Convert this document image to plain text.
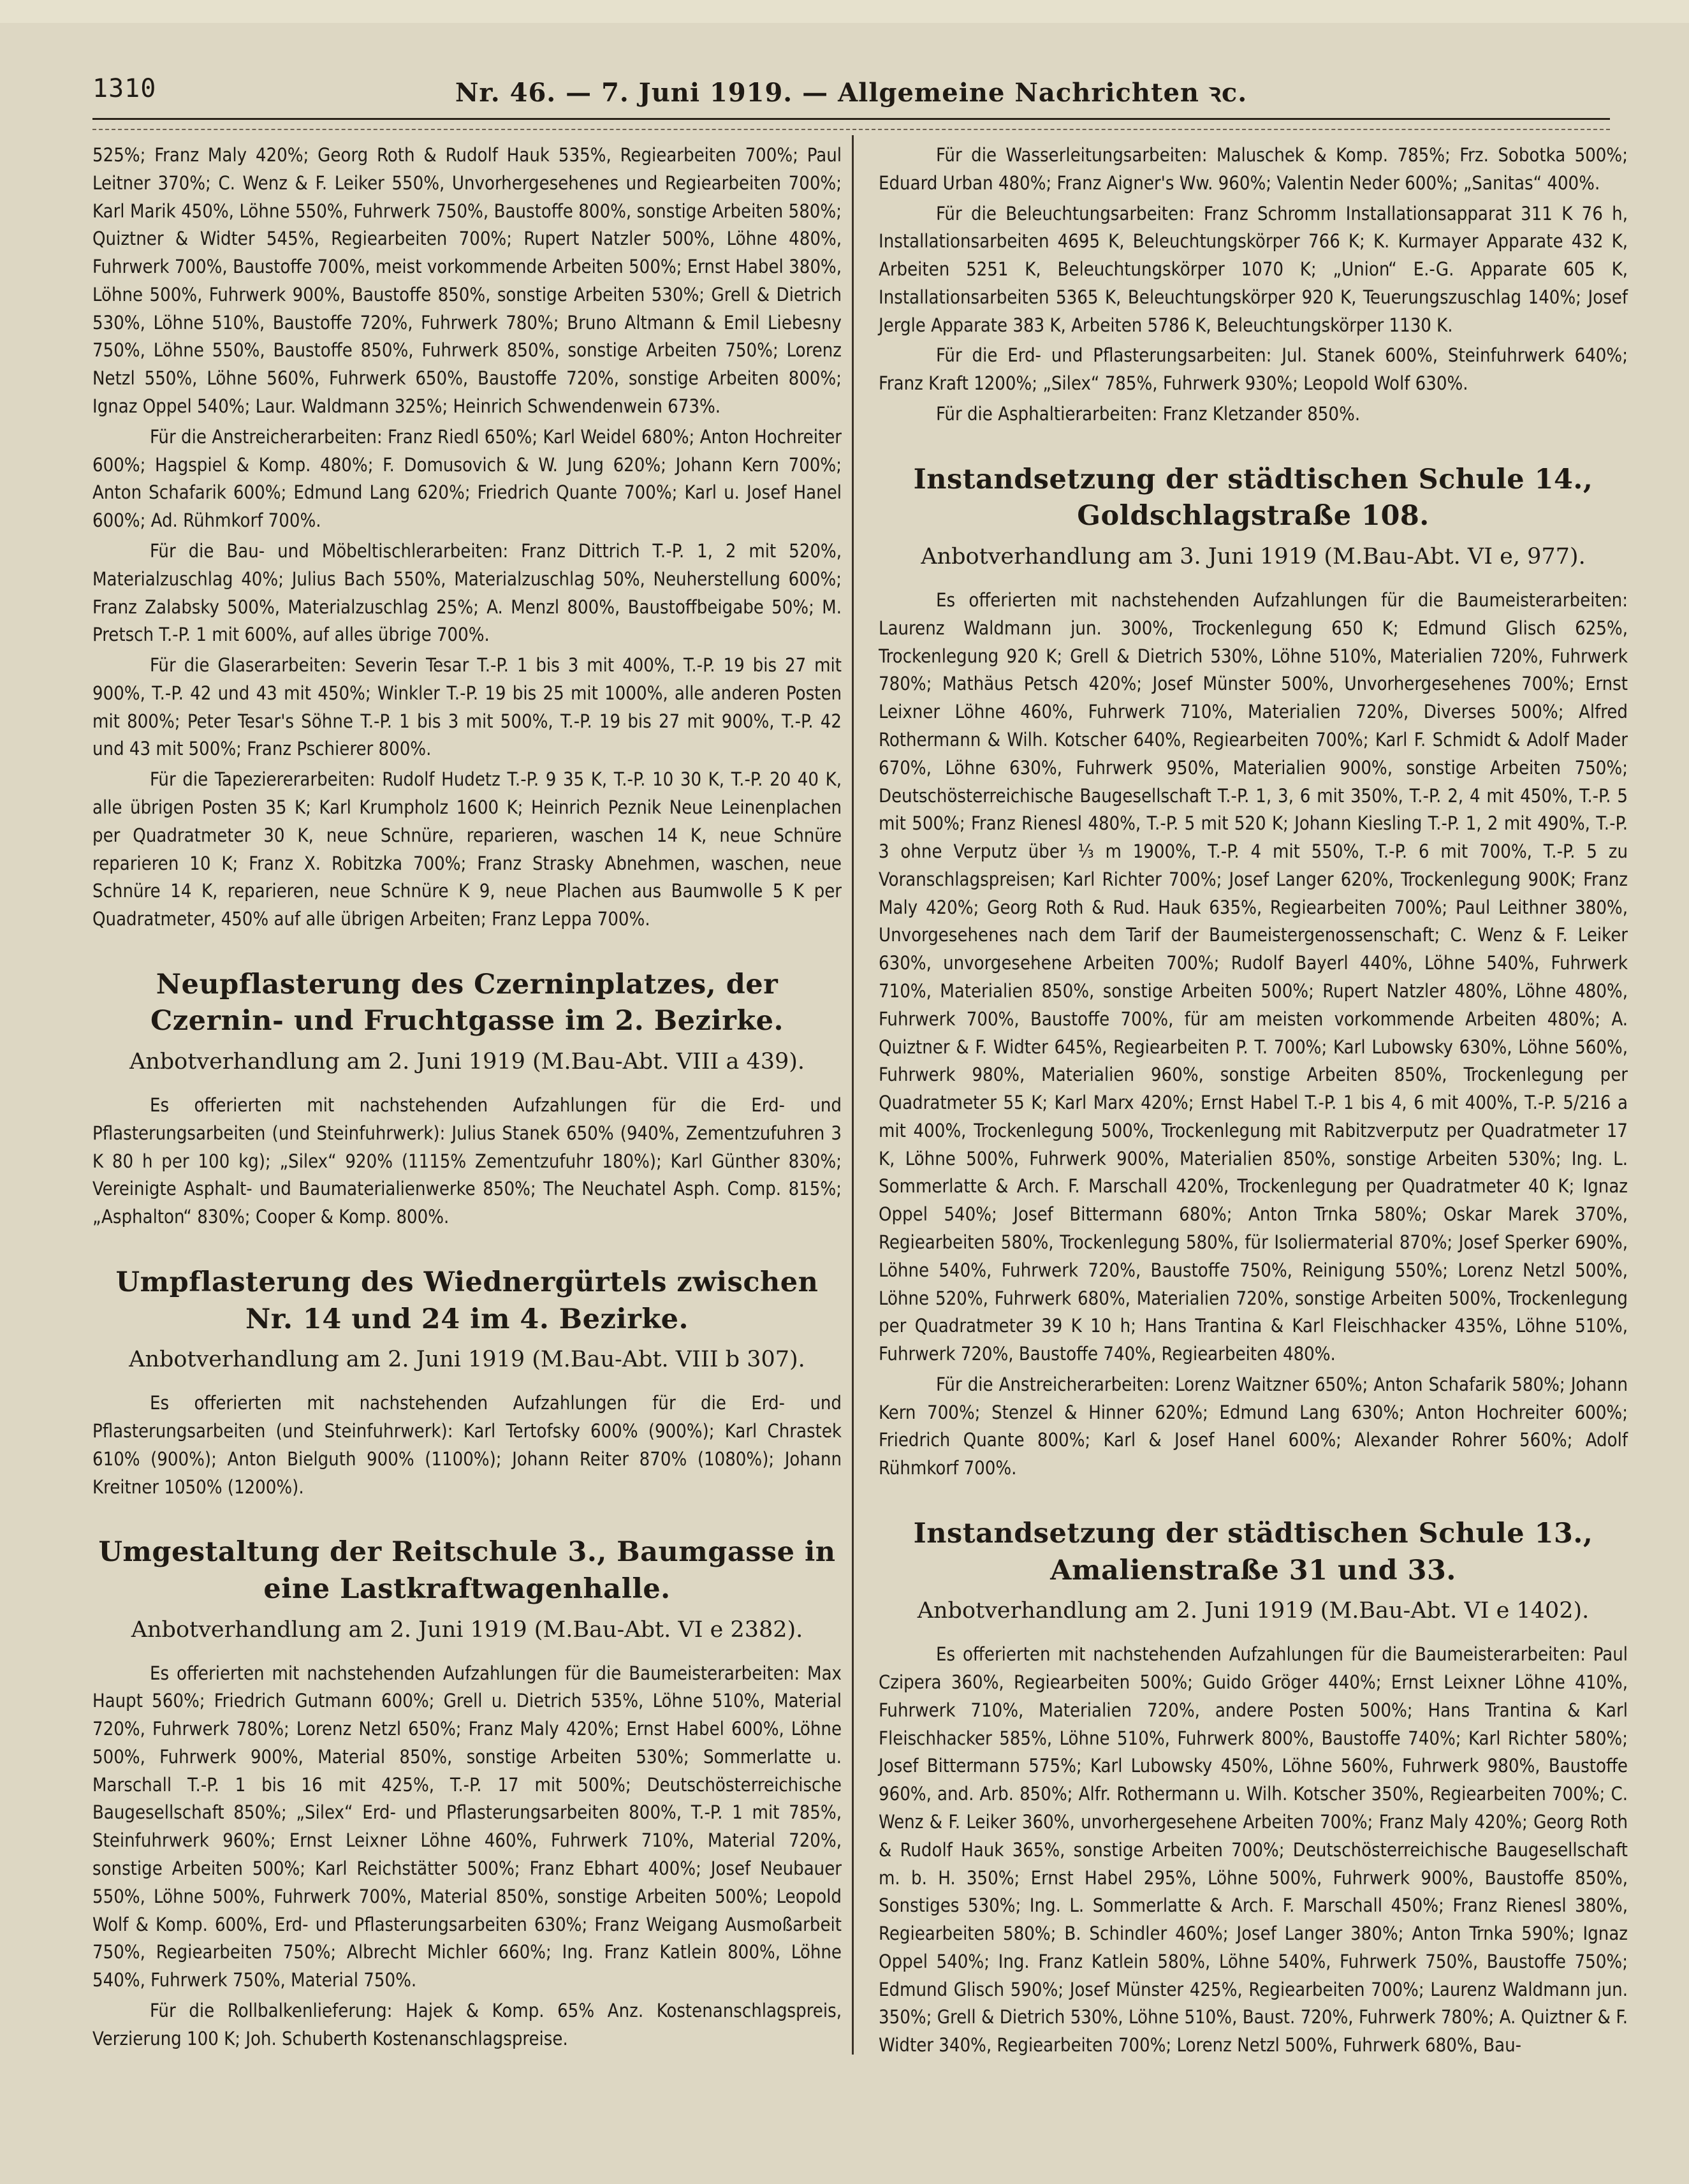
1310	Nr. 46. — 7. Juni 1919. — Allgemeine Nachrichten ꝛc.

525%; Franz Maly 420%; Georg Roth & Rudolf Hauk 535%, Regiearbeiten 700%; Paul Leitner 370%; C. Wenz & F. Leiker 550%, Unvorhergesehenes und Regiearbeiten 700%; Karl Marik 450%, Löhne 550%, Fuhrwerk 750%, Baustoffe 800%, sonstige Arbeiten 580%; Quiztner & Widter 545%, Regiearbeiten 700%; Rupert Natzler 500%, Löhne 480%, Fuhrwerk 700%, Baustoffe 700%, meist vorkommende Arbeiten 500%; Ernst Habel 380%, Löhne 500%, Fuhrwerk 900%, Baustoffe 850%, sonstige Arbeiten 530%; Grell & Dietrich 530%, Löhne 510%, Baustoffe 720%, Fuhrwerk 780%; Bruno Altmann & Emil Liebesny 750%, Löhne 550%, Baustoffe 850%, Fuhrwerk 850%, sonstige Arbeiten 750%; Lorenz Netzl 550%, Löhne 560%, Fuhrwerk 650%, Baustoffe 720%, sonstige Arbeiten 800%; Ignaz Oppel 540%; Laur. Waldmann 325%; Heinrich Schwendenwein 673%.

Für die Anstreicherarbeiten: Franz Riedl 650%; Karl Weidel 680%; Anton Hochreiter 600%; Hagspiel & Komp. 480%; F. Domusovich & W. Jung 620%; Johann Kern 700%; Anton Schafarik 600%; Edmund Lang 620%; Friedrich Quante 700%; Karl u. Josef Hanel 600%; Ad. Rühmkorf 700%.

Für die Bau- und Möbeltischlerarbeiten: Franz Dittrich T.-P. 1, 2 mit 520%, Materialzuschlag 40%; Julius Bach 550%, Materialzuschlag 50%, Neuherstellung 600%; Franz Zalabsky 500%, Materialzuschlag 25%; A. Menzl 800%, Baustoffbeigabe 50%; M. Pretsch T.-P. 1 mit 600%, auf alles übrige 700%.

Für die Glaserarbeiten: Severin Tesar T.-P. 1 bis 3 mit 400%, T.-P. 19 bis 27 mit 900%, T.-P. 42 und 43 mit 450%; Winkler T.-P. 19 bis 25 mit 1000%, alle anderen Posten mit 800%; Peter Tesar's Söhne T.-P. 1 bis 3 mit 500%, T.-P. 19 bis 27 mit 900%, T.-P. 42 und 43 mit 500%; Franz Pschierer 800%.

Für die Tapeziererarbeiten: Rudolf Hudetz T.-P. 9 35 K, T.-P. 10 30 K, T.-P. 20 40 K, alle übrigen Posten 35 K; Karl Krumpholz 1600 K; Heinrich Peznik Neue Leinenplachen per Quadratmeter 30 K, neue Schnüre, reparieren, waschen 14 K, neue Schnüre reparieren 10 K; Franz X. Robitzka 700%; Franz Strasky Abnehmen, waschen, neue Schnüre 14 K, reparieren, neue Schnüre K 9, neue Plachen aus Baumwolle 5 K per Quadratmeter, 450% auf alle übrigen Arbeiten; Franz Leppa 700%.

Neupflasterung des Czerninplatzes, der Czernin- und Fruchtgasse im 2. Bezirke.
Anbotverhandlung am 2. Juni 1919 (M.Bau-Abt. VIII a 439).

Es offerierten mit nachstehenden Aufzahlungen für die Erd- und Pflasterungsarbeiten (und Steinfuhrwerk): Julius Stanek 650% (940%, Zementzufuhren 3 K 80 h per 100 kg); „Silex“ 920% (1115% Zementzufuhr 180%); Karl Günther 830%; Vereinigte Asphalt- und Baumaterialienwerke 850%; The Neuchatel Asph. Comp. 815%; „Asphalton“ 830%; Cooper & Komp. 800%.

Umpflasterung des Wiednergürtels zwischen Nr. 14 und 24 im 4. Bezirke.
Anbotverhandlung am 2. Juni 1919 (M.Bau-Abt. VIII b 307).

Es offerierten mit nachstehenden Aufzahlungen für die Erd- und Pflasterungsarbeiten (und Steinfuhrwerk): Karl Tertofsky 600% (900%); Karl Chrastek 610% (900%); Anton Bielguth 900% (1100%); Johann Reiter 870% (1080%); Johann Kreitner 1050% (1200%).

Umgestaltung der Reitschule 3., Baumgasse in eine Lastkraftwagenhalle.
Anbotverhandlung am 2. Juni 1919 (M.Bau-Abt. VI e 2382).

Es offerierten mit nachstehenden Aufzahlungen für die Baumeisterarbeiten: Max Haupt 560%; Friedrich Gutmann 600%; Grell u. Dietrich 535%, Löhne 510%, Material 720%, Fuhrwerk 780%; Lorenz Netzl 650%; Franz Maly 420%; Ernst Habel 600%, Löhne 500%, Fuhrwerk 900%, Material 850%, sonstige Arbeiten 530%; Sommerlatte u. Marschall T.-P. 1 bis 16 mit 425%, T.-P. 17 mit 500%; Deutschösterreichische Baugesellschaft 850%; „Silex“ Erd- und Pflasterungsarbeiten 800%, T.-P. 1 mit 785%, Steinfuhrwerk 960%; Ernst Leixner Löhne 460%, Fuhrwerk 710%, Material 720%, sonstige Arbeiten 500%; Karl Reichstätter 500%; Franz Ebhart 400%; Josef Neubauer 550%, Löhne 500%, Fuhrwerk 700%, Material 850%, sonstige Arbeiten 500%; Leopold Wolf & Komp. 600%, Erd- und Pflasterungsarbeiten 630%; Franz Weigang Ausmoßarbeit 750%, Regiearbeiten 750%; Albrecht Michler 660%; Ing. Franz Katlein 800%, Löhne 540%, Fuhrwerk 750%, Material 750%.

Für die Rollbalkenlieferung: Hajek & Komp. 65% Anz. Kostenanschlagspreis, Verzierung 100 K; Joh. Schuberth Kostenanschlagspreise.

Für die Wasserleitungsarbeiten: Maluschek & Komp. 785%; Frz. Sobotka 500%; Eduard Urban 480%; Franz Aigner's Ww. 960%; Valentin Neder 600%; „Sanitas“ 400%.

Für die Beleuchtungsarbeiten: Franz Schromm Installationsapparat 311 K 76 h, Installationsarbeiten 4695 K, Beleuchtungskörper 766 K; K. Kurmayer Apparate 432 K, Arbeiten 5251 K, Beleuchtungskörper 1070 K; „Union“ E.-G. Apparate 605 K, Installationsarbeiten 5365 K, Beleuchtungskörper 920 K, Teuerungszuschlag 140%; Josef Jergle Apparate 383 K, Arbeiten 5786 K, Beleuchtungskörper 1130 K.

Für die Erd- und Pflasterungsarbeiten: Jul. Stanek 600%, Steinfuhrwerk 640%; Franz Kraft 1200%; „Silex“ 785%, Fuhrwerk 930%; Leopold Wolf 630%.

Für die Asphaltierarbeiten: Franz Kletzander 850%.

Instandsetzung der städtischen Schule 14., Goldschlagstraße 108.
Anbotverhandlung am 3. Juni 1919 (M.Bau-Abt. VI e, 977).

Es offerierten mit nachstehenden Aufzahlungen für die Baumeisterarbeiten: Laurenz Waldmann jun. 300%, Trockenlegung 650 K; Edmund Glisch 625%, Trockenlegung 920 K; Grell & Dietrich 530%, Löhne 510%, Materialien 720%, Fuhrwerk 780%; Mathäus Petsch 420%; Josef Münster 500%, Unvorhergesehenes 700%; Ernst Leixner Löhne 460%, Fuhrwerk 710%, Materialien 720%, Diverses 500%; Alfred Rothermann & Wilh. Kotscher 640%, Regiearbeiten 700%; Karl F. Schmidt & Adolf Mader 670%, Löhne 630%, Fuhrwerk 950%, Materialien 900%, sonstige Arbeiten 750%; Deutschösterreichische Baugesellschaft T.-P. 1, 3, 6 mit 350%, T.-P. 2, 4 mit 450%, T.-P. 5 mit 500%; Franz Rienesl 480%, T.-P. 5 mit 520 K; Johann Kiesling T.-P. 1, 2 mit 490%, T.-P. 3 ohne Verputz über ⅓ m 1900%, T.-P. 4 mit 550%, T.-P. 6 mit 700%, T.-P. 5 zu Voranschlagspreisen; Karl Richter 700%; Josef Langer 620%, Trockenlegung 900K; Franz Maly 420%; Georg Roth & Rud. Hauk 635%, Regiearbeiten 700%; Paul Leithner 380%, Unvorgesehenes nach dem Tarif der Baumeistergenossenschaft; C. Wenz & F. Leiker 630%, unvorgesehene Arbeiten 700%; Rudolf Bayerl 440%, Löhne 540%, Fuhrwerk 710%, Materialien 850%, sonstige Arbeiten 500%; Rupert Natzler 480%, Löhne 480%, Fuhrwerk 700%, Baustoffe 700%, für am meisten vorkommende Arbeiten 480%; A. Quiztner & F. Widter 645%, Regiearbeiten P. T. 700%; Karl Lubowsky 630%, Löhne 560%, Fuhrwerk 980%, Materialien 960%, sonstige Arbeiten 850%, Trockenlegung per Quadratmeter 55 K; Karl Marx 420%; Ernst Habel T.-P. 1 bis 4, 6 mit 400%, T.-P. 5/216 a mit 400%, Trockenlegung 500%, Trockenlegung mit Rabitzverputz per Quadratmeter 17 K, Löhne 500%, Fuhrwerk 900%, Materialien 850%, sonstige Arbeiten 530%; Ing. L. Sommerlatte & Arch. F. Marschall 420%, Trockenlegung per Quadratmeter 40 K; Ignaz Oppel 540%; Josef Bittermann 680%; Anton Trnka 580%; Oskar Marek 370%, Regiearbeiten 580%, Trockenlegung 580%, für Isoliermaterial 870%; Josef Sperker 690%, Löhne 540%, Fuhrwerk 720%, Baustoffe 750%, Reinigung 550%; Lorenz Netzl 500%, Löhne 520%, Fuhrwerk 680%, Materialien 720%, sonstige Arbeiten 500%, Trockenlegung per Quadratmeter 39 K 10 h; Hans Trantina & Karl Fleischhacker 435%, Löhne 510%, Fuhrwerk 720%, Baustoffe 740%, Regiearbeiten 480%.

Für die Anstreicherarbeiten: Lorenz Waitzner 650%; Anton Schafarik 580%; Johann Kern 700%; Stenzel & Hinner 620%; Edmund Lang 630%; Anton Hochreiter 600%; Friedrich Quante 800%; Karl & Josef Hanel 600%; Alexander Rohrer 560%; Adolf Rühmkorf 700%.

Instandsetzung der städtischen Schule 13., Amalienstraße 31 und 33.
Anbotverhandlung am 2. Juni 1919 (M.Bau-Abt. VI e 1402).

Es offerierten mit nachstehenden Aufzahlungen für die Baumeisterarbeiten: Paul Czipera 360%, Regiearbeiten 500%; Guido Gröger 440%; Ernst Leixner Löhne 410%, Fuhrwerk 710%, Materialien 720%, andere Posten 500%; Hans Trantina & Karl Fleischhacker 585%, Löhne 510%, Fuhrwerk 800%, Baustoffe 740%; Karl Richter 580%; Josef Bittermann 575%; Karl Lubowsky 450%, Löhne 560%, Fuhrwerk 980%, Baustoffe 960%, and. Arb. 850%; Alfr. Rothermann u. Wilh. Kotscher 350%, Regiearbeiten 700%; C. Wenz & F. Leiker 360%, unvorhergesehene Arbeiten 700%; Franz Maly 420%; Georg Roth & Rudolf Hauk 365%, sonstige Arbeiten 700%; Deutschösterreichische Baugesellschaft m. b. H. 350%; Ernst Habel 295%, Löhne 500%, Fuhrwerk 900%, Baustoffe 850%, Sonstiges 530%; Ing. L. Sommerlatte & Arch. F. Marschall 450%; Franz Rienesl 380%, Regiearbeiten 580%; B. Schindler 460%; Josef Langer 380%; Anton Trnka 590%; Ignaz Oppel 540%; Ing. Franz Katlein 580%, Löhne 540%, Fuhrwerk 750%, Baustoffe 750%; Edmund Glisch 590%; Josef Münster 425%, Regiearbeiten 700%; Laurenz Waldmann jun. 350%; Grell & Dietrich 530%, Löhne 510%, Baust. 720%, Fuhrwerk 780%; A. Quiztner & F. Widter 340%, Regiearbeiten 700%; Lorenz Netzl 500%, Fuhrwerk 680%, Bau-
